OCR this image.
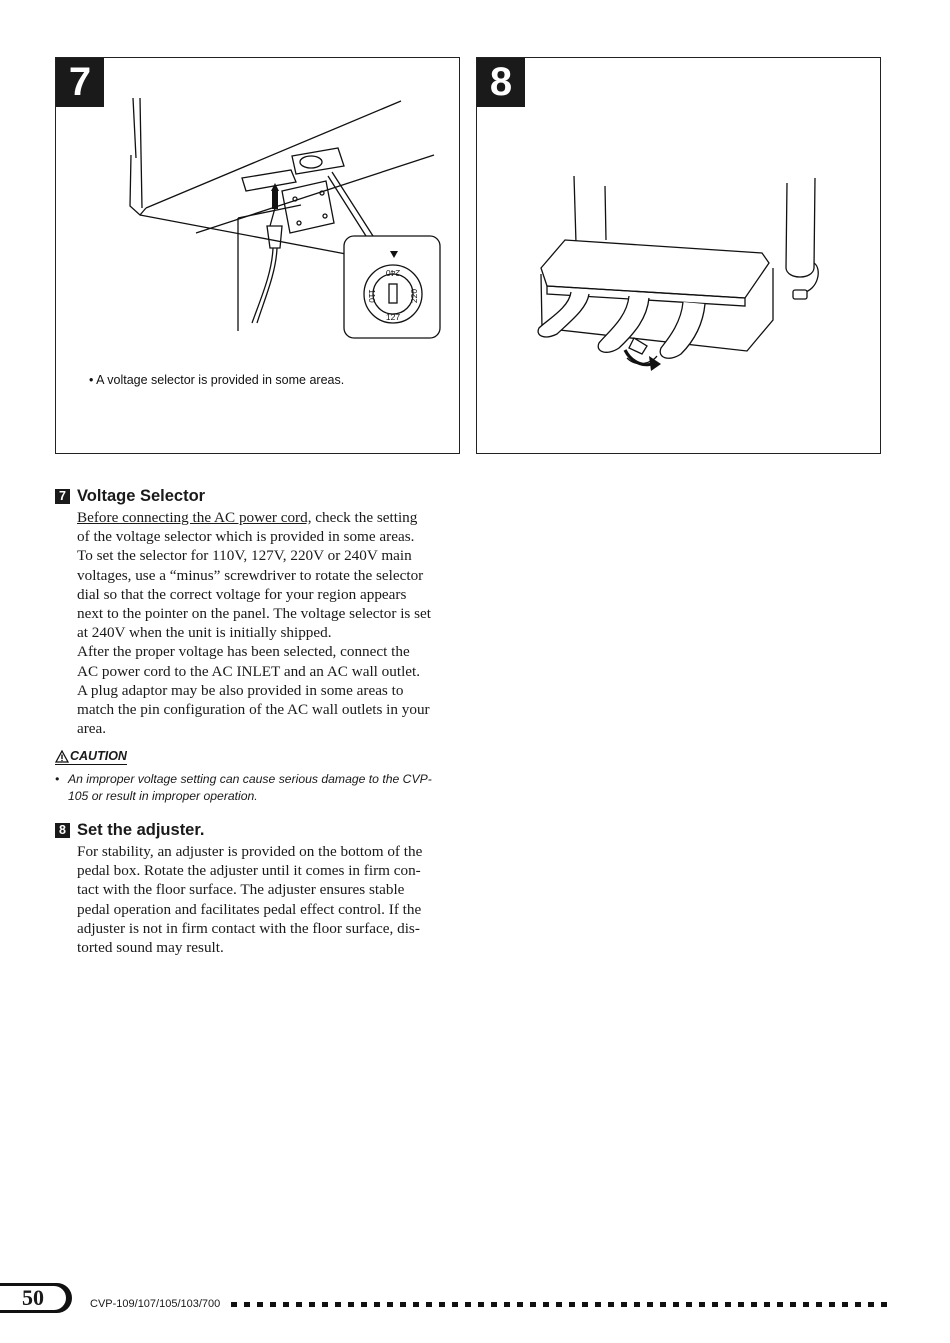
240
110	220
127
7
• A voltage selector is provided in some areas.
8
7 Voltage Selector

Before connecting the AC power cord, check the setting

of the voltage selector which is provided in some areas.

To set the selector for 110V, 127V, 220V or 240V main

voltages, use a “minus” screwdriver to rotate the selector

dial so that the correct voltage for your region appears

next to the pointer on the panel. The voltage selector is set

at 240V when the unit is initially shipped.

After the proper voltage has been selected, connect the

AC power cord to the AC INLET and an AC wall outlet.

A plug adaptor may be also provided in some areas to

match the pin configuration of the AC wall outlets in your

area.

CAUTION
• An improper voltage setting can cause serious damage to the CVP-
105 or result in improper operation.
8 Set the adjuster.

For stability, an adjuster is provided on the bottom of the

pedal box. Rotate the adjuster until it comes in firm con-

tact with the floor surface. The adjuster ensures stable

pedal operation and facilitates pedal effect control. If the

adjuster is not in firm contact with the floor surface, dis-

torted sound may result.

50	CVP-109/107/105/103/700
